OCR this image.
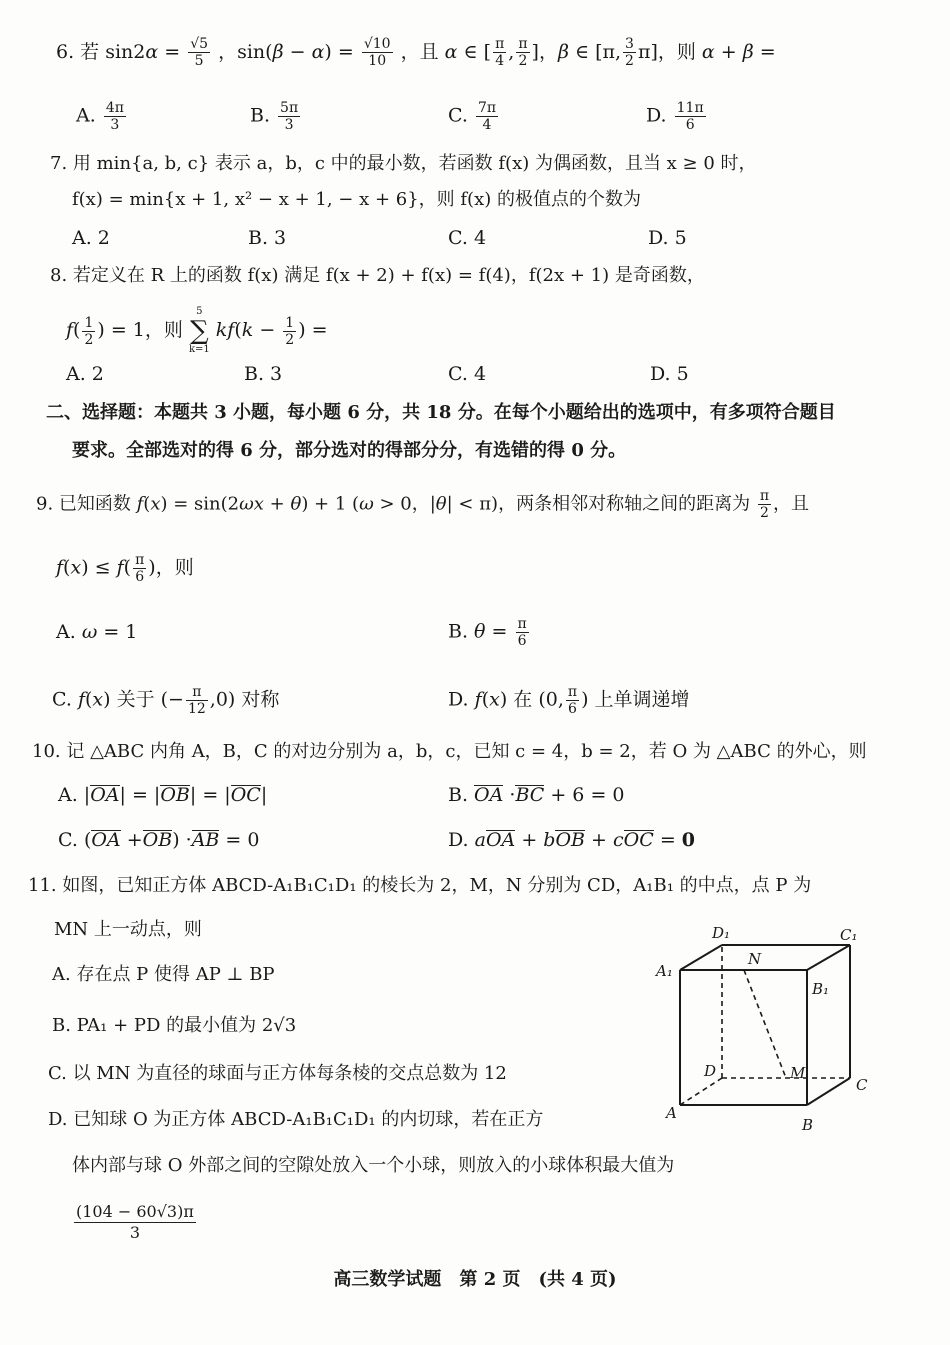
6. 若 $\sin 2\alpha = \frac{√5}{5}$ ，$\sin(\beta - \alpha) = \frac{√10}{10}$ ，且 α ∈ [ $\frac{\pi}{4}$ , $\frac{\pi}{2}$ ]，β ∈ [π, $\frac{3}{2} \pi$]，则 α + β =
A. $\frac{4\pi}{3}$	B. $\frac{5\pi}{3}$	C. $\frac{7\pi}{4}$	D. $\frac{11\pi}{6}$
7. 用 min{a, b, c} 表示 a，b，c 中的最小数，若函数 f(x) 为偶函数，且当 x ≥ 0 时，
f(x) = min{x + 1, x² − x + 1, − x + 6}，则 f(x) 的极值点的个数为
A. 2	B. 3	C. 4	D. 5
8. 若定义在 R 上的函数 f(x) 满足 f(x + 2) + f(x) = f(4)，f(2x + 1) 是奇函数，
$f( \frac{1}{2}$ ) = 1，则
5
∑
k=1
$kf(k - \frac{1}{2}$ ) =
A. 2	B. 3	C. 4	D. 5
二、选择题：本题共 3 小题，每小题 6 分，共 18 分。在每个小题给出的选项中，有多项符合题目
要求。全部选对的得 6 分，部分选对的得部分分，有选错的得 0 分。
9. 已知函数 f(x) = sin(2ωx + θ) + 1 (ω > 0，|θ| < π)，两条相邻对称轴之间的距离为 $\frac{\pi}{2}$ ，且
$f(x) \le f( \frac{\pi}{6}$ )，则
A. ω = 1	B. $\theta = \frac{\pi}{6}$
C. f(x) 关于 (− $\frac{\pi}{12} ,0$) 对称	D. f(x) 在 (0, $\frac{\pi}{6}$ ) 上单调递增
10. 记 △ABC 内角 A，B，C 的对边分别为 a，b，c，已知 c = 4，b = 2，若 O 为 △ABC 的外心，则
A. |OA| = |OB| = |OC|	B. OA ·BC + 6 = 0
C. (OA +OB) ·AB = 0	D. aOA + bOB + cOC = 0
11. 如图，已知正方体 ABCD-A₁B₁C₁D₁ 的棱长为 2，M，N 分别为 CD，A₁B₁ 的中点，点 P 为
MN 上一动点，则
A. 存在点 P 使得 AP ⊥ BP
B. PA₁ + PD 的最小值为 2√3
C. 以 MN 为直径的球面与正方体每条棱的交点总数为 12
D. 已知球 O 为正方体 ABCD-A₁B₁C₁D₁ 的内切球，若在正方
体内部与球 O 外部之间的空隙处放入一个小球，则放入的小球体积最大值为
$\frac{(104 - 60√3)\pi}{3}$
D₁	C₁
A₁
N
B₁
D	M
C
A
B
高三数学试题　第 2 页　(共 4 页)
